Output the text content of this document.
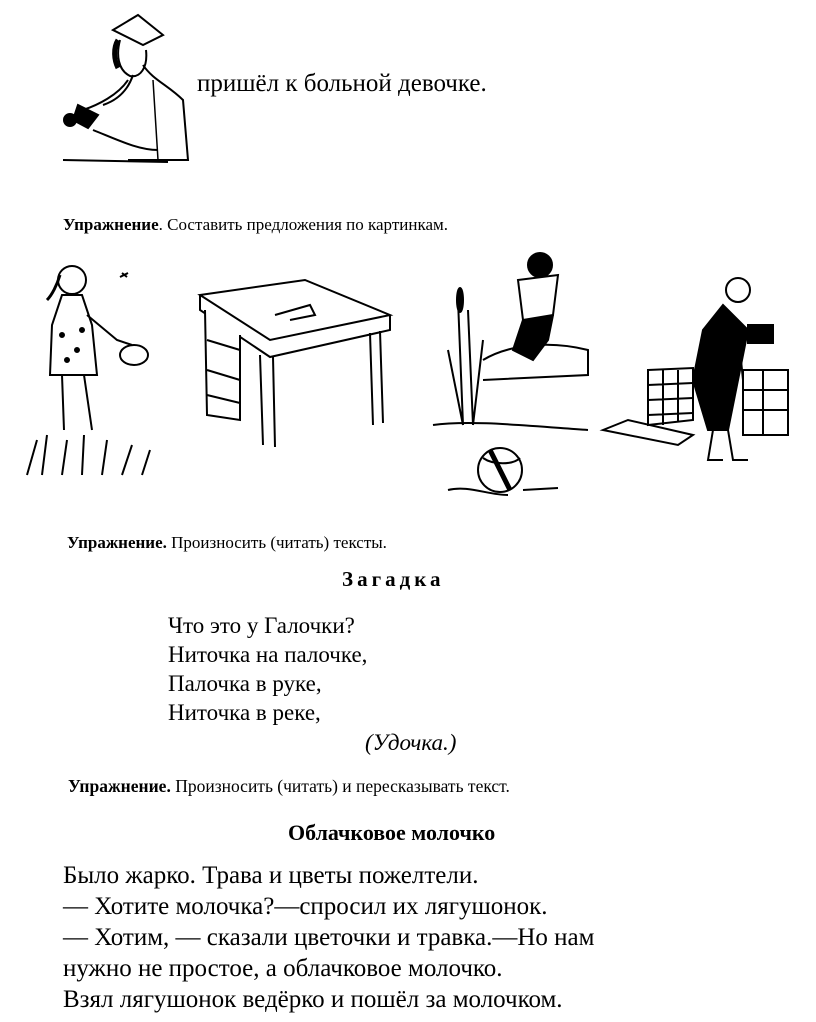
пришёл к больной девочке.
Упражнение. Составить предложения по картинкам.
Упражнение. Произносить (читать) тексты.
Загадка
Что это у Галочки?
Ниточка на палочке,
Палочка в руке,
Ниточка в реке,
(Удочка.)
Упражнение. Произносить (читать) и пересказывать текст.
Облачковое молочко
Было жарко. Трава и цветы пожелтели.
— Хотите молочка?—спросил их лягушонок.
— Хотим, — сказали цветочки и травка.—Но нам
нужно не простое, а облачковое молочко.
Взял лягушонок ведёрко и пошёл за молочком.
